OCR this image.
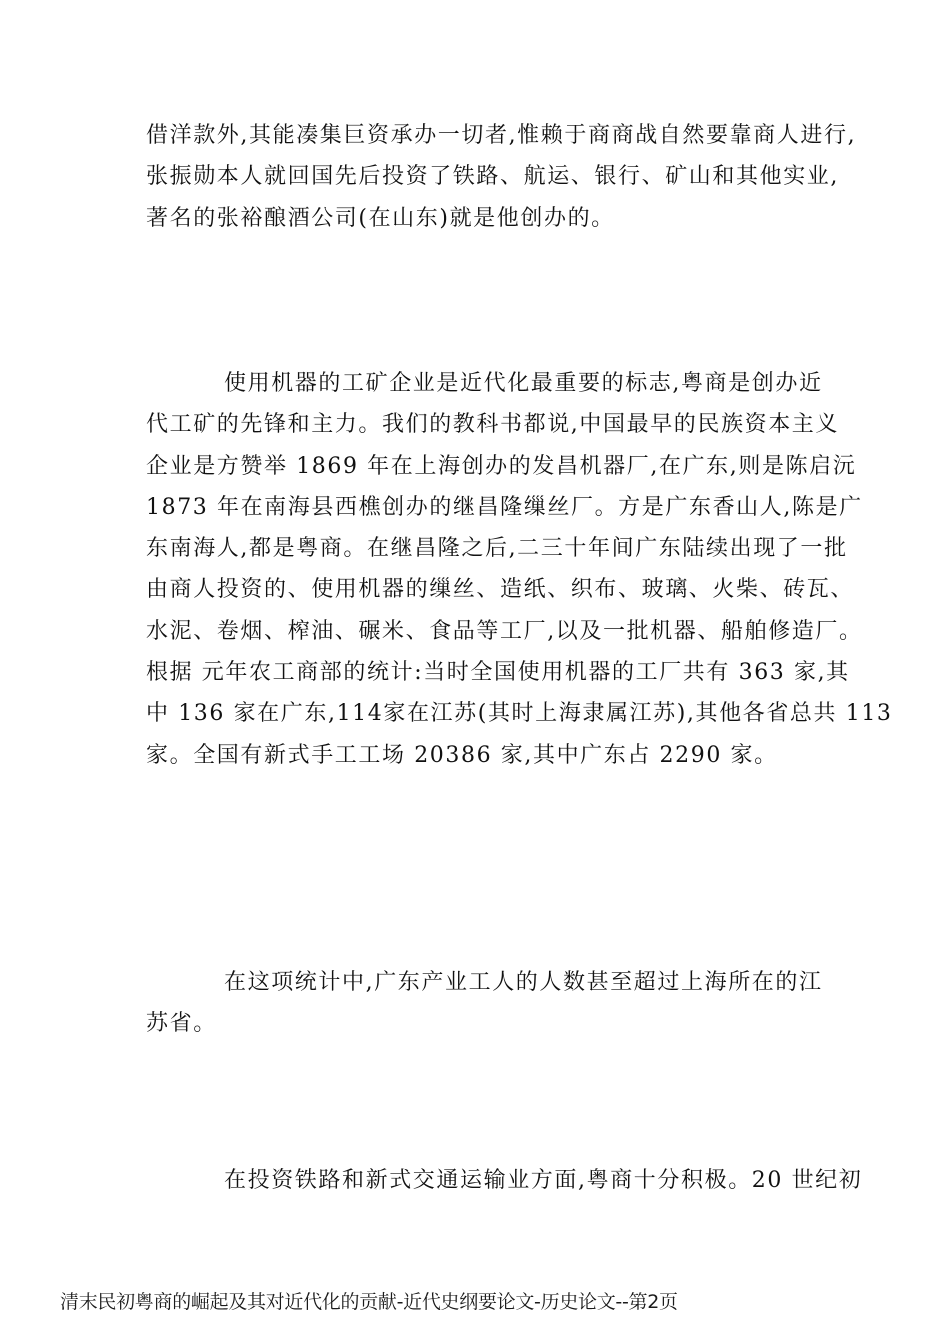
借洋款外,其能凑集巨资承办一切者,惟赖于商商战自然要靠商人进行,
张振勋本人就回国先后投资了铁路、航运、银行、矿山和其他实业,
著名的张裕酿酒公司(在山东)就是他创办的。

使用机器的工矿企业是近代化最重要的标志,粤商是创办近
代工矿的先锋和主力。我们的教科书都说,中国最早的民族资本主义
企业是方赞举 1869 年在上海创办的发昌机器厂,在广东,则是陈启沅
1873 年在南海县西樵创办的继昌隆缫丝厂。方是广东香山人,陈是广
东南海人,都是粤商。在继昌隆之后,二三十年间广东陆续出现了一批
由商人投资的、使用机器的缫丝、造纸、织布、玻璃、火柴、砖瓦、
水泥、卷烟、榨油、碾米、食品等工厂,以及一批机器、船舶修造厂。
根据 元年农工商部的统计:当时全国使用机器的工厂共有 363 家,其
中 136 家在广东,114家在江苏(其时上海隶属江苏),其他各省总共 113
家。全国有新式手工工场 20386 家,其中广东占 2290 家。

在这项统计中,广东产业工人的人数甚至超过上海所在的江
苏省。

在投资铁路和新式交通运输业方面,粤商十分积极。20 世纪初

清末民初粤商的崛起及其对近代化的贡献-近代史纲要论文-历史论文--第2页
